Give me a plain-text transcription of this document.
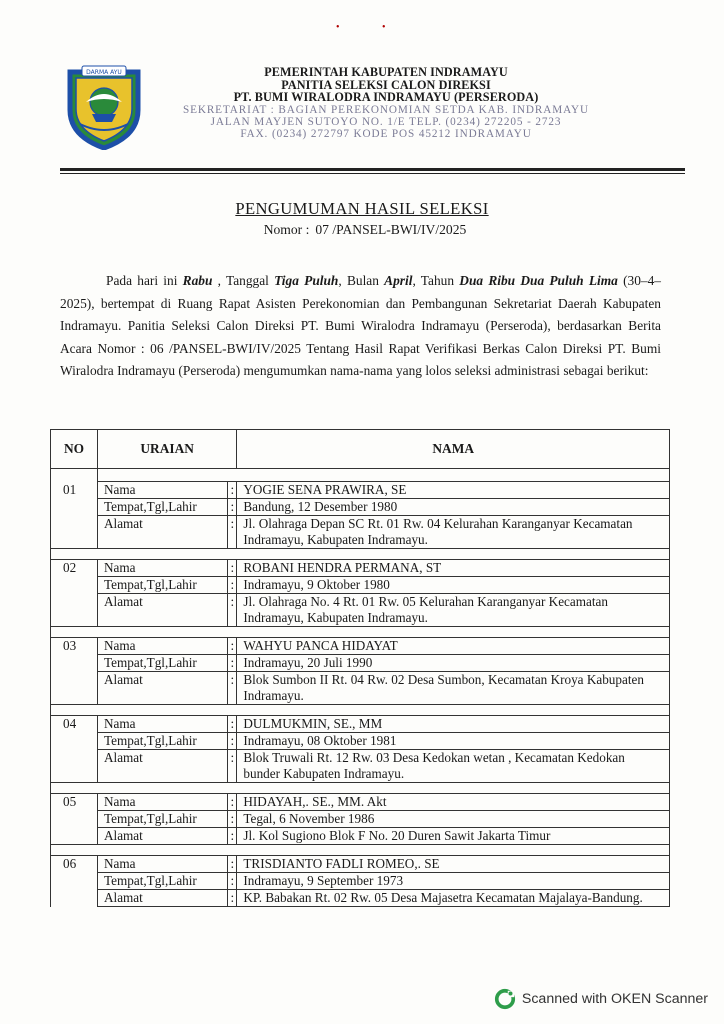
• •
DARMA AYU	PEMERINTAH KABUPATEN INDRAMAYU
PANITIA SELEKSI CALON DIREKSI
PT. BUMI WIRALODRA INDRAMAYU (PERSERODA)
SEKRETARIAT : BAGIAN PEREKONOMIAN SETDA KAB. INDRAMAYU
JALAN MAYJEN SUTOYO NO. 1/E TELP. (0234) 272205 - 2723
FAX. (0234) 272797 KODE POS 45212 INDRAMAYU
PENGUMUMAN HASIL SELEKSI
Nomor : 07 /PANSEL-BWI/IV/2025

Pada hari ini Rabu , Tanggal Tiga Puluh, Bulan April, Tahun Dua Ribu Dua Puluh Lima (30–4–2025), bertempat di Ruang Rapat Asisten Perekonomian dan Pembangunan Sekretariat Daerah Kabupaten Indramayu. Panitia Seleksi Calon Direksi PT. Bumi Wiralodra Indramayu (Perseroda), berdasarkan Berita Acara Nomor : 06 /PANSEL-BWI/IV/2025 Tentang Hasil Rapat Verifikasi Berkas Calon Direksi PT. Bumi Wiralodra Indramayu (Perseroda) mengumumkan nama-nama yang lolos seleksi administrasi sebagai berikut:

NO	URAIAN		NAMA

01	Nama	:	YOGIE SENA PRAWIRA, SE
	Tempat,Tgl,Lahir	:	Bandung, 12 Desember 1980
	Alamat	:	Jl. Olahraga Depan SC Rt. 01 Rw. 04 Kelurahan Karanganyar Kecamatan Indramayu, Kabupaten Indramayu.

02	Nama	:	ROBANI HENDRA PERMANA, ST
	Tempat,Tgl,Lahir	:	Indramayu, 9 Oktober 1980
	Alamat	:	Jl. Olahraga No. 4 Rt. 01 Rw. 05 Kelurahan Karanganyar Kecamatan Indramayu, Kabupaten Indramayu.

03	Nama	:	WAHYU PANCA HIDAYAT
	Tempat,Tgl,Lahir	:	Indramayu, 20 Juli 1990
	Alamat	:	Blok Sumbon II Rt. 04 Rw. 02 Desa Sumbon, Kecamatan Kroya Kabupaten Indramayu.

04	Nama	:	DULMUKMIN, SE., MM
	Tempat,Tgl,Lahir	:	Indramayu, 08 Oktober 1981
	Alamat	:	Blok Truwali Rt. 12 Rw. 03 Desa Kedokan wetan , Kecamatan Kedokan bunder Kabupaten Indramayu.

05	Nama	:	HIDAYAH,. SE., MM. Akt
	Tempat,Tgl,Lahir	:	Tegal, 6 November 1986
	Alamat	:	Jl. Kol Sugiono Blok F No. 20 Duren Sawit Jakarta Timur

06	Nama	:	TRISDIANTO FADLI ROMEO,. SE
	Tempat,Tgl,Lahir	:	Indramayu, 9 September 1973
	Alamat	:	KP. Babakan Rt. 02 Rw. 05 Desa Majasetra Kecamatan Majalaya-Bandung.
Scanned with OKEN Scanner
